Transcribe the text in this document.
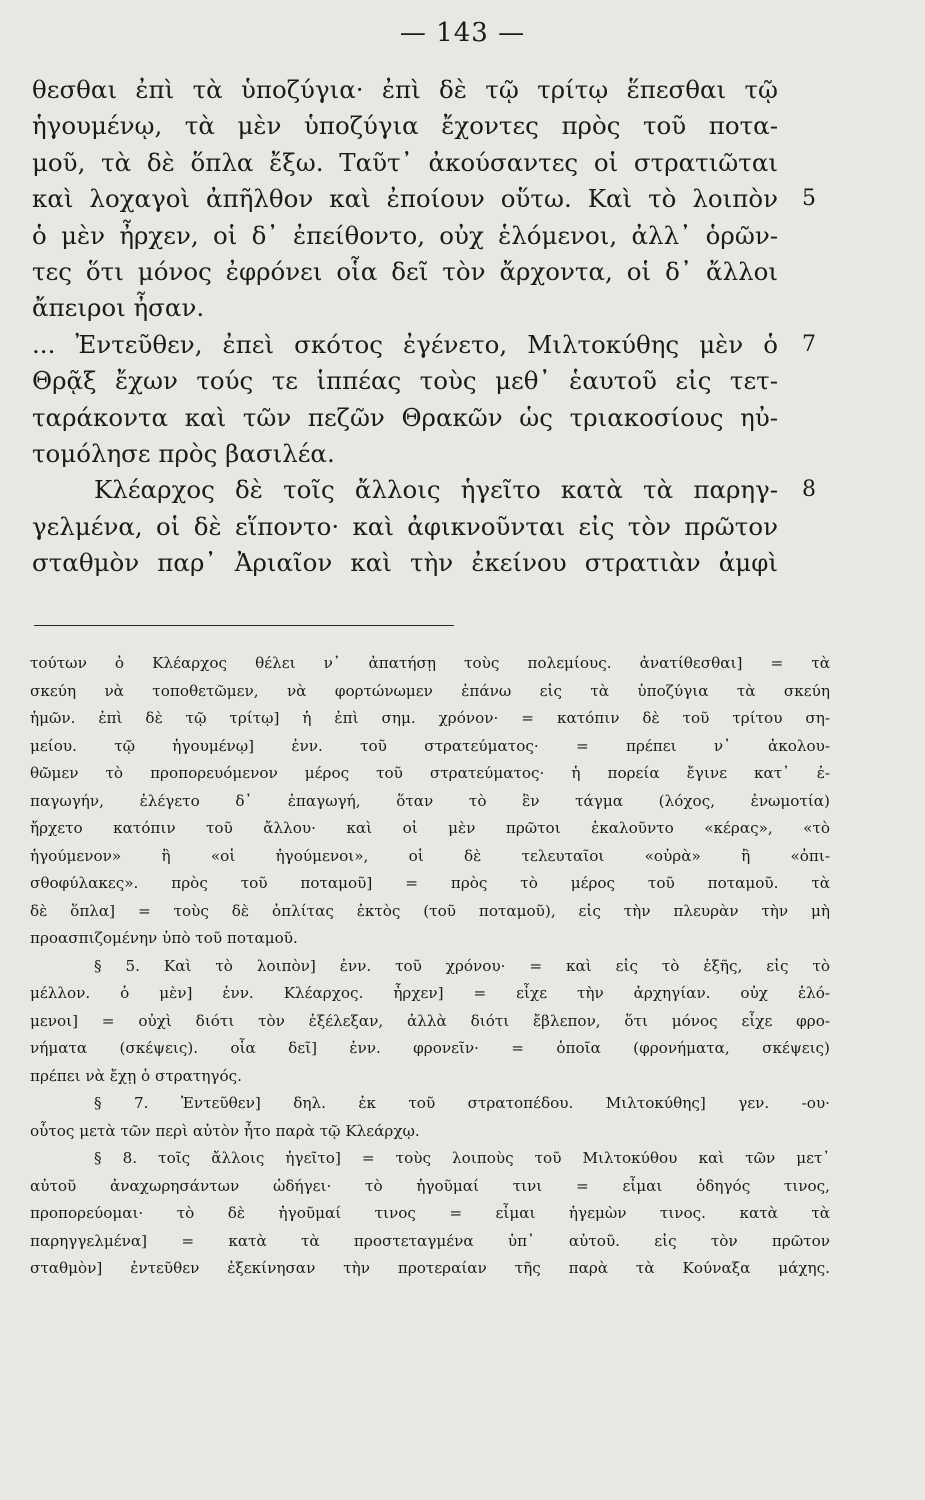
— 143 —
θεσθαι ἐπὶ τὰ ὑποζύγια· ἐπὶ δὲ τῷ τρίτῳ ἕπεσθαι τῷ
ἡγουμένῳ, τὰ μὲν ὑποζύγια ἔχοντες πρὸς τοῦ ποτα-
μοῦ, τὰ δὲ ὅπλα ἔξω. Ταῦτ᾽ ἀκούσαντες οἱ στρατιῶται
καὶ λοχαγοὶ ἀπῆλθον καὶ ἐποίουν οὕτω. Καὶ τὸ λοιπὸν 5
ὁ μὲν ἦρχεν, οἱ δ᾽ ἐπείθοντο, οὐχ ἑλόμενοι, ἀλλ᾽ ὁρῶν-
τες ὅτι μόνος ἐφρόνει οἷα δεῖ τὸν ἄρχοντα, οἱ δ᾽ ἄλλοι
ἄπειροι ἦσαν.
... Ἐντεῦθεν, ἐπεὶ σκότος ἐγένετο, Μιλτοκύθης μὲν ὁ 7
Θρᾷξ ἔχων τούς τε ἱππέας τοὺς μεθ᾽ ἑαυτοῦ εἰς τετ-
ταράκοντα καὶ τῶν πεζῶν Θρακῶν ὡς τριακοσίους ηὐ-
τομόλησε πρὸς βασιλέα.
Κλέαρχος δὲ τοῖς ἄλλοις ἡγεῖτο κατὰ τὰ παρηγ- 8
γελμένα, οἱ δὲ εἵποντο· καὶ ἀφικνοῦνται εἰς τὸν πρῶτον
σταθμὸν παρ᾽ Ἀριαῖον καὶ τὴν ἐκείνου στρατιὰν ἀμφὶ
τούτων ὁ Κλέαρχος θέλει ν᾽ ἀπατήσῃ τοὺς πολεμίους. ἀνατίθεσθαι] = τὰ
σκεύη νὰ τοποθετῶμεν, νὰ φορτώνωμεν ἐπάνω εἰς τὰ ὑποζύγια τὰ σκεύη
ἡμῶν. ἐπὶ δὲ τῷ τρίτῳ] ἡ ἐπὶ σημ. χρόνον· = κατόπιν δὲ τοῦ τρίτου ση-
μείου. τῷ ἡγουμένῳ] ἐνν. τοῦ στρατεύματος· = πρέπει ν᾽ ἀκολου-
θῶμεν τὸ προπορευόμενον μέρος τοῦ στρατεύματος· ἡ πορεία ἔγινε κατ᾽ ἐ-
παγωγήν, ἐλέγετο δ᾽ ἐπαγωγή, ὅταν τὸ ἓν τάγμα (λόχος, ἐνωμοτία)
ἤρχετο κατόπιν τοῦ ἄλλου· καὶ οἱ μὲν πρῶτοι ἐκαλοῦντο «κέρας», «τὸ
ἡγούμενον» ἢ «οἱ ἡγούμενοι», οἱ δὲ τελευταῖοι «οὐρὰ» ἢ «ὀπι-
σθοφύλακες». πρὸς τοῦ ποταμοῦ] = πρὸς τὸ μέρος τοῦ ποταμοῦ. τὰ
δὲ ὅπλα] = τοὺς δὲ ὁπλίτας ἐκτὸς (τοῦ ποταμοῦ), εἰς τὴν πλευρὰν τὴν μὴ
προασπιζομένην ὑπὸ τοῦ ποταμοῦ.
§ 5. Καὶ τὸ λοιπὸν] ἐνν. τοῦ χρόνου· = καὶ εἰς τὸ ἑξῆς, εἰς τὸ
μέλλον. ὁ μὲν] ἐνν. Κλέαρχος. ἦρχεν] = εἶχε τὴν ἀρχηγίαν. οὐχ ἑλό-
μενοι] = οὐχὶ διότι τὸν ἐξέλεξαν, ἀλλὰ διότι ἔβλεπον, ὅτι μόνος εἶχε φρο-
νήματα (σκέψεις). οἷα δεῖ] ἐνν. φρονεῖν· = ὁποῖα (φρονήματα, σκέψεις)
πρέπει νὰ ἔχῃ ὁ στρατηγός.
§ 7. Ἐντεῦθεν] δηλ. ἐκ τοῦ στρατοπέδου. Μιλτοκύθης] γεν. -ου·
οὗτος μετὰ τῶν περὶ αὐτὸν ἦτο παρὰ τῷ Κλεάρχῳ.
§ 8. τοῖς ἄλλοις ἡγεῖτο] = τοὺς λοιποὺς τοῦ Μιλτοκύθου καὶ τῶν μετ᾽
αὐτοῦ ἀναχωρησάντων ὡδήγει· τὸ ἡγοῦμαί τινι = εἶμαι ὁδηγός τινος,
προπορεύομαι· τὸ δὲ ἡγοῦμαί τινος = εἶμαι ἡγεμὼν τινος. κατὰ τὰ
παρηγγελμένα] = κατὰ τὰ προστεταγμένα ὑπ᾽ αὐτοῦ. εἰς τὸν πρῶτον
σταθμὸν] ἐντεῦθεν ἐξεκίνησαν τὴν προτεραίαν τῆς παρὰ τὰ Κούναξα μάχης.
